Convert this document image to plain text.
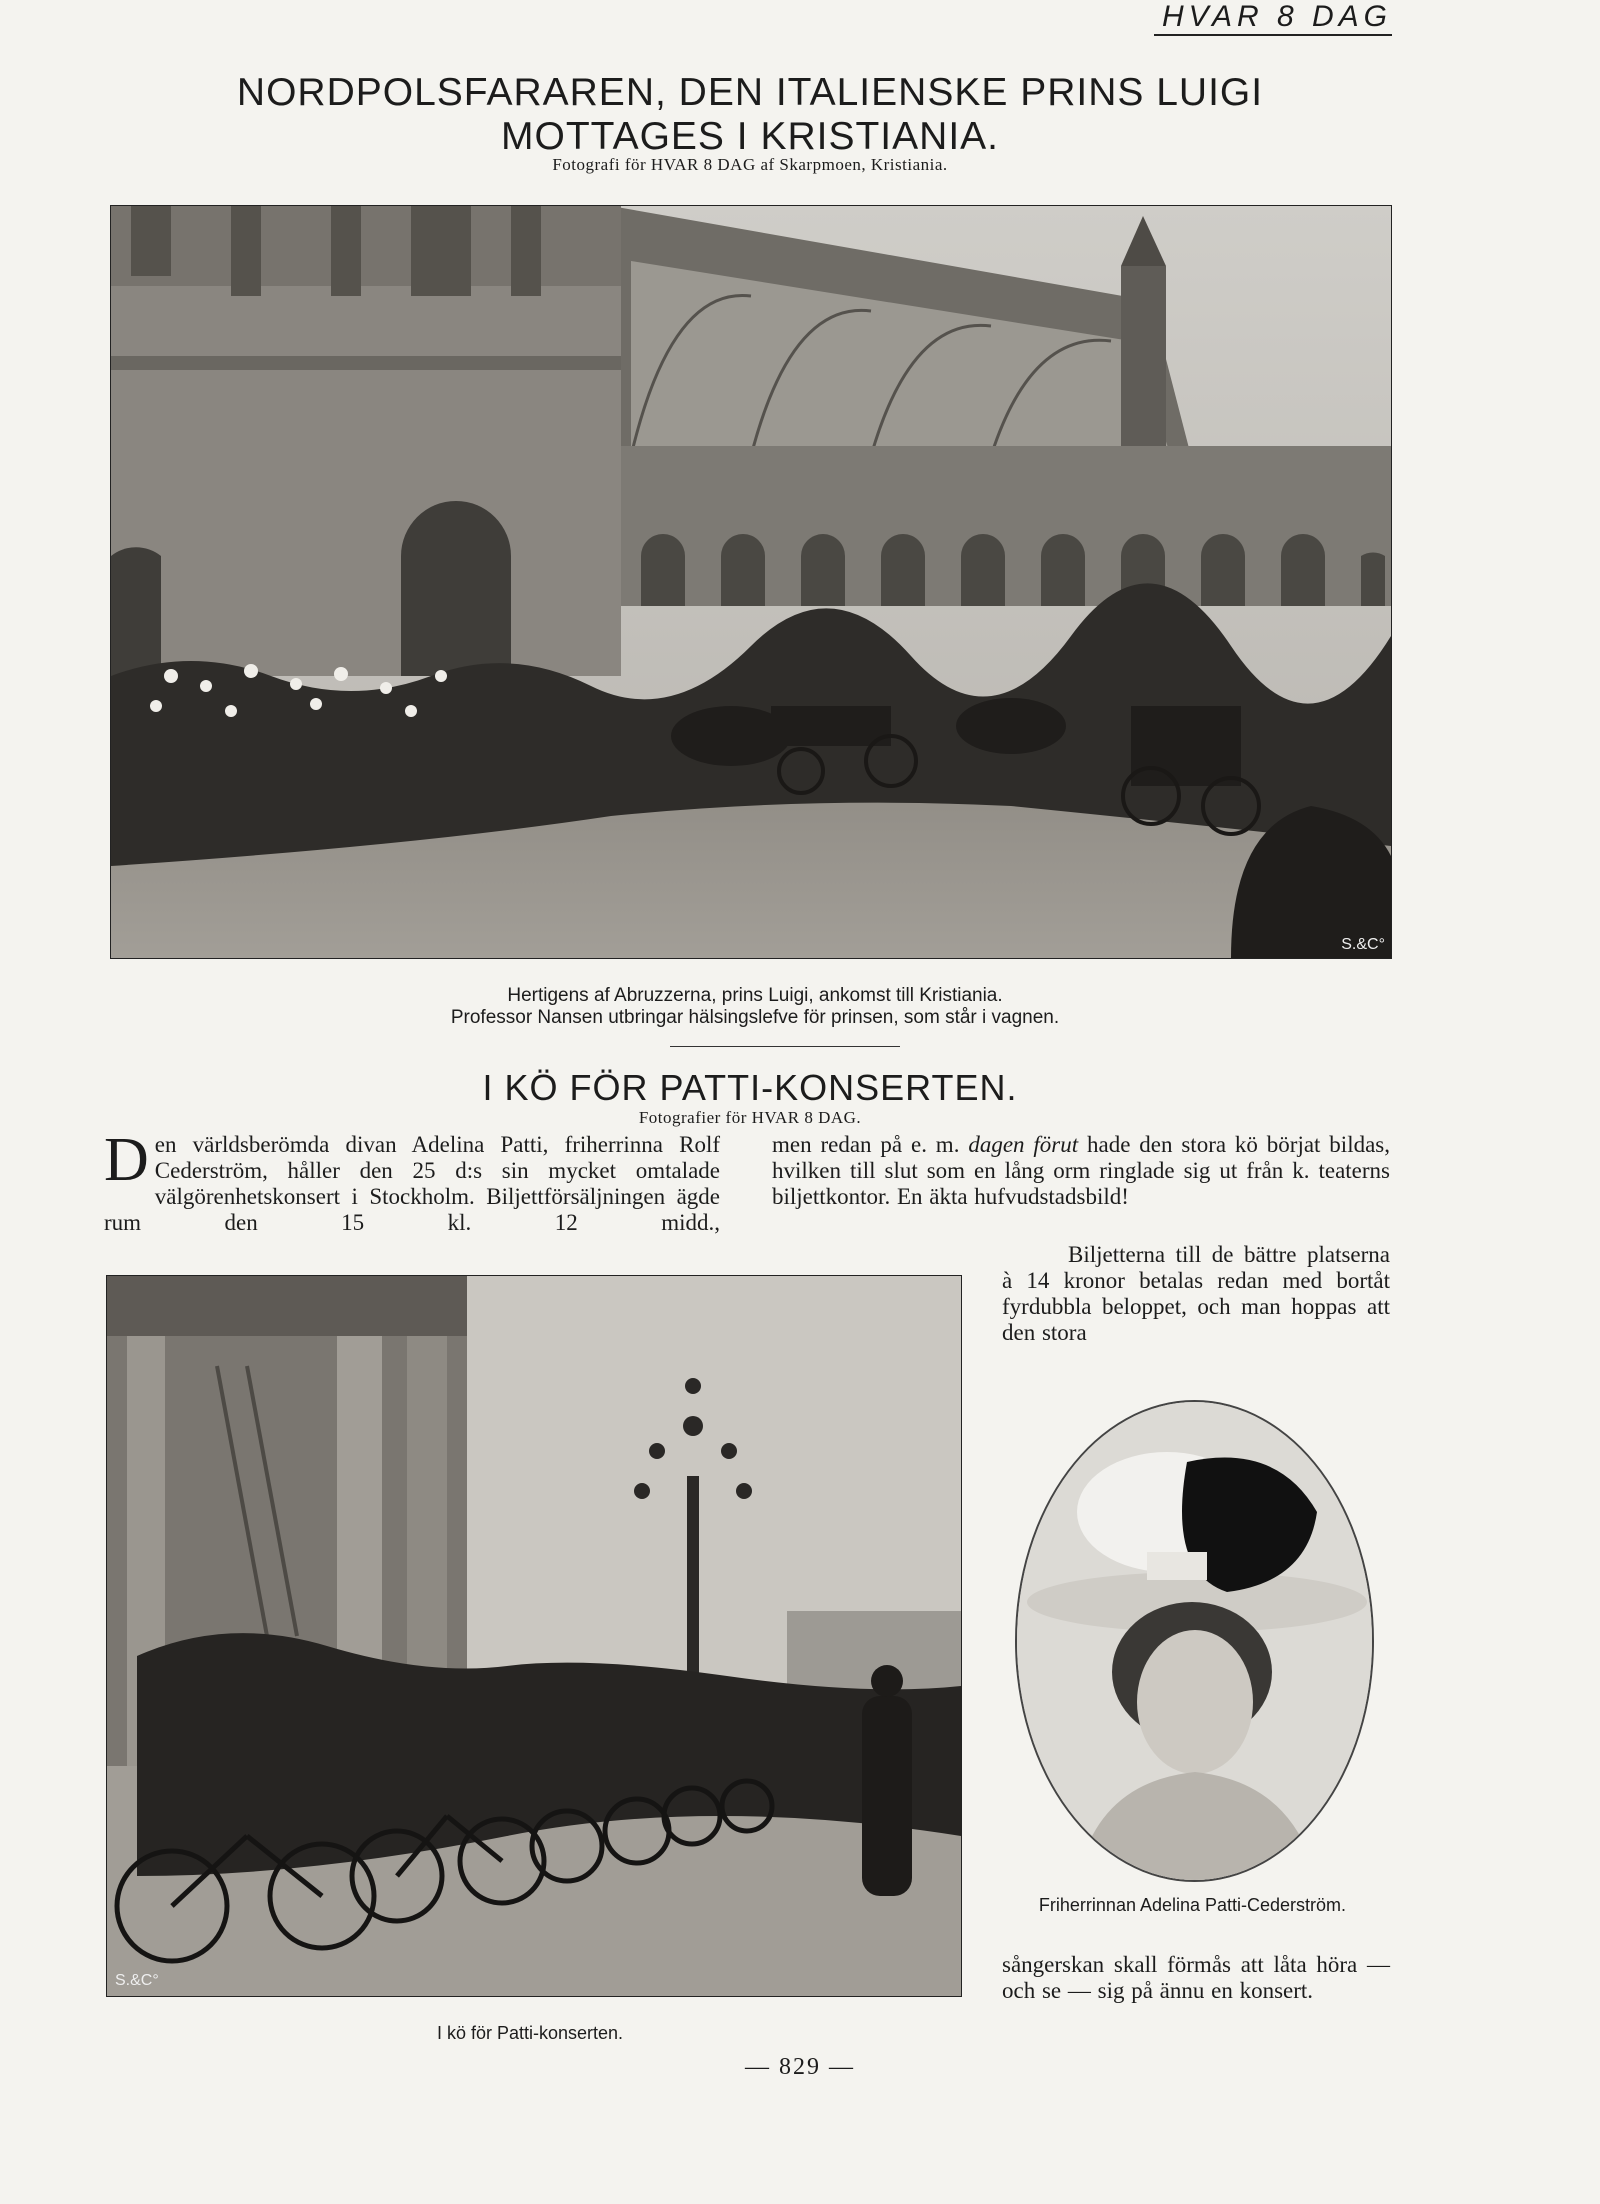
HVAR 8 DAG
NORDPOLSFARAREN, DEN ITALIENSKE PRINS LUIGI
MOTTAGES I KRISTIANIA.
Fotografi för HVAR 8 DAG af Skarpmoen, Kristiania.
S.&C°
Hertigens af Abruzzerna, prins Luigi, ankomst till Kristiania.
Professor Nansen utbringar hälsingslefve för prinsen, som står i vagnen.
I KÖ FÖR PATTI-KONSERTEN.
Fotografier för HVAR 8 DAG.
Den världsberömda divan Adelina Patti, friherrinna Rolf Cederström, håller den 25 d:s sin mycket omtalade välgörenhetskonsert i Stockholm. Biljettförsäljningen ägde rum den 15 kl. 12 midd.,
men redan på e. m. dagen förut hade den stora kö börjat bildas, hvilken till slut som en lång orm ringlade sig ut från k. teaterns biljettkontor. En äkta hufvudstadsbild!
Biljetterna till de bättre platserna à 14 kronor betalas redan med bortåt fyrdubbla beloppet, och man hoppas att den stora
S.&C°
I kö för Patti-konserten.
Friherrinnan Adelina Patti-Cederström.
sångerskan skall förmås att låta höra — och se — sig på ännu en konsert.
— 829 —
